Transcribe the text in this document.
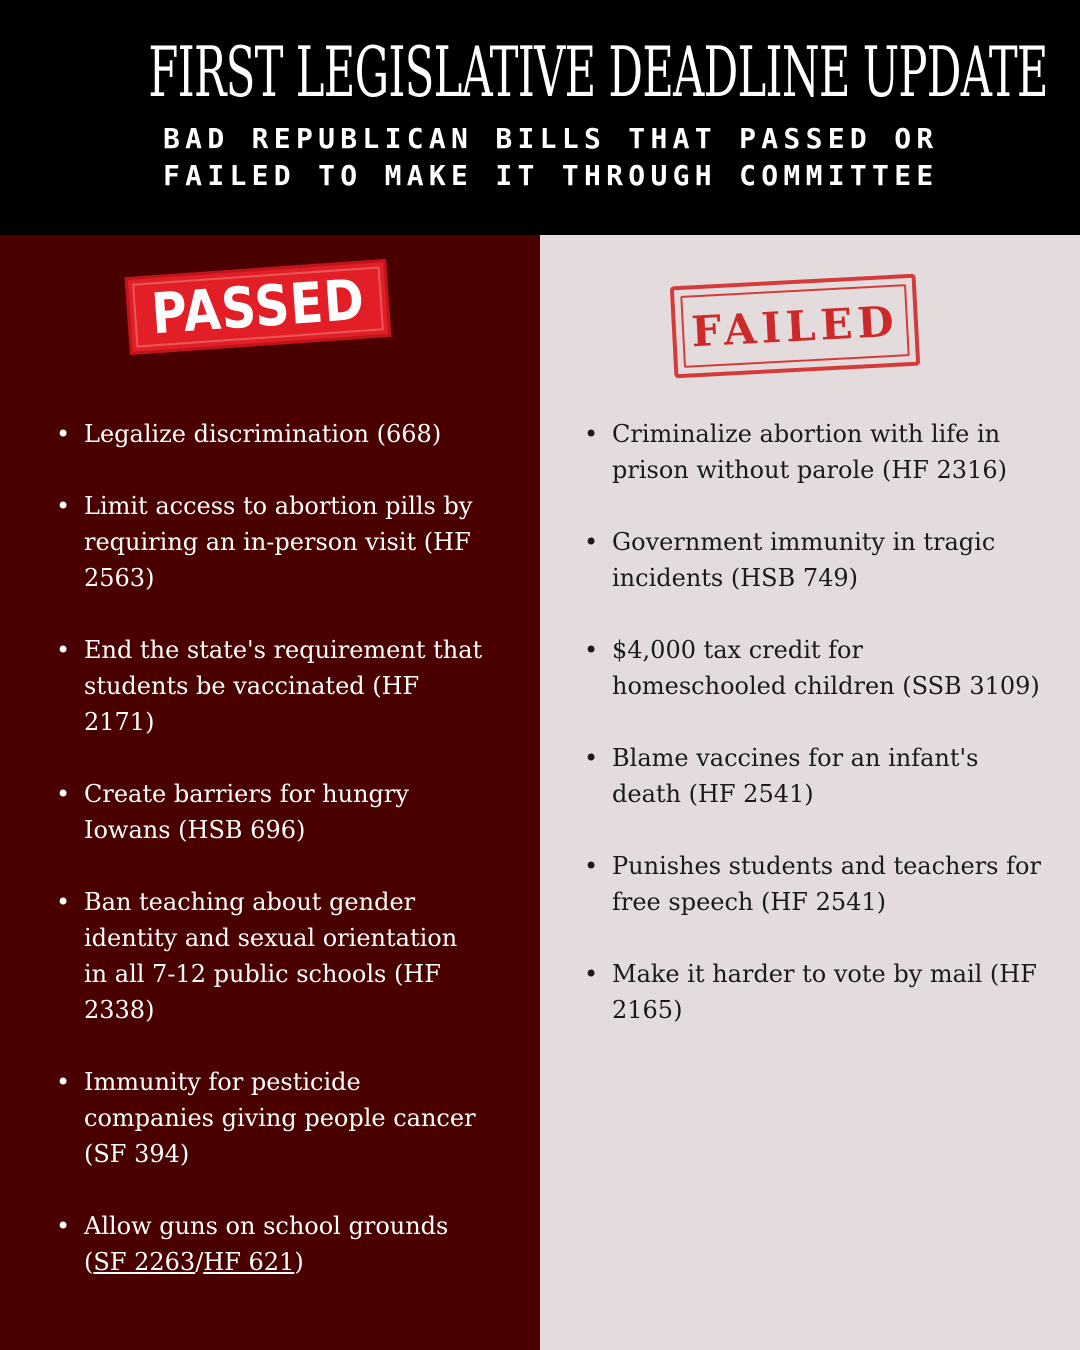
FIRST LEGISLATIVE DEADLINE UPDATE
BAD REPUBLICAN BILLS THAT PASSED OR
FAILED TO MAKE IT THROUGH COMMITTEE
PASSED
• Legalize discrimination (668)
• Limit access to abortion pills by requiring an in-person visit (HF 2563)
• End the state's requirement that students be vaccinated (HF 2171)
• Create barriers for hungry Iowans (HSB 696)
• Ban teaching about gender identity and sexual orientation in all 7-12 public schools (HF 2338)
• Immunity for pesticide companies giving people cancer (SF 394)
• Allow guns on school grounds
(SF 2263/HF 621)
FAILED
• Criminalize abortion with life in prison without parole (HF 2316)
• Government immunity in tragic incidents (HSB 749)
• $4,000 tax credit for homeschooled children (SSB 3109)
• Blame vaccines for an infant's death (HF 2541)
• Punishes students and teachers for free speech (HF 2541)
• Make it harder to vote by mail (HF 2165)
